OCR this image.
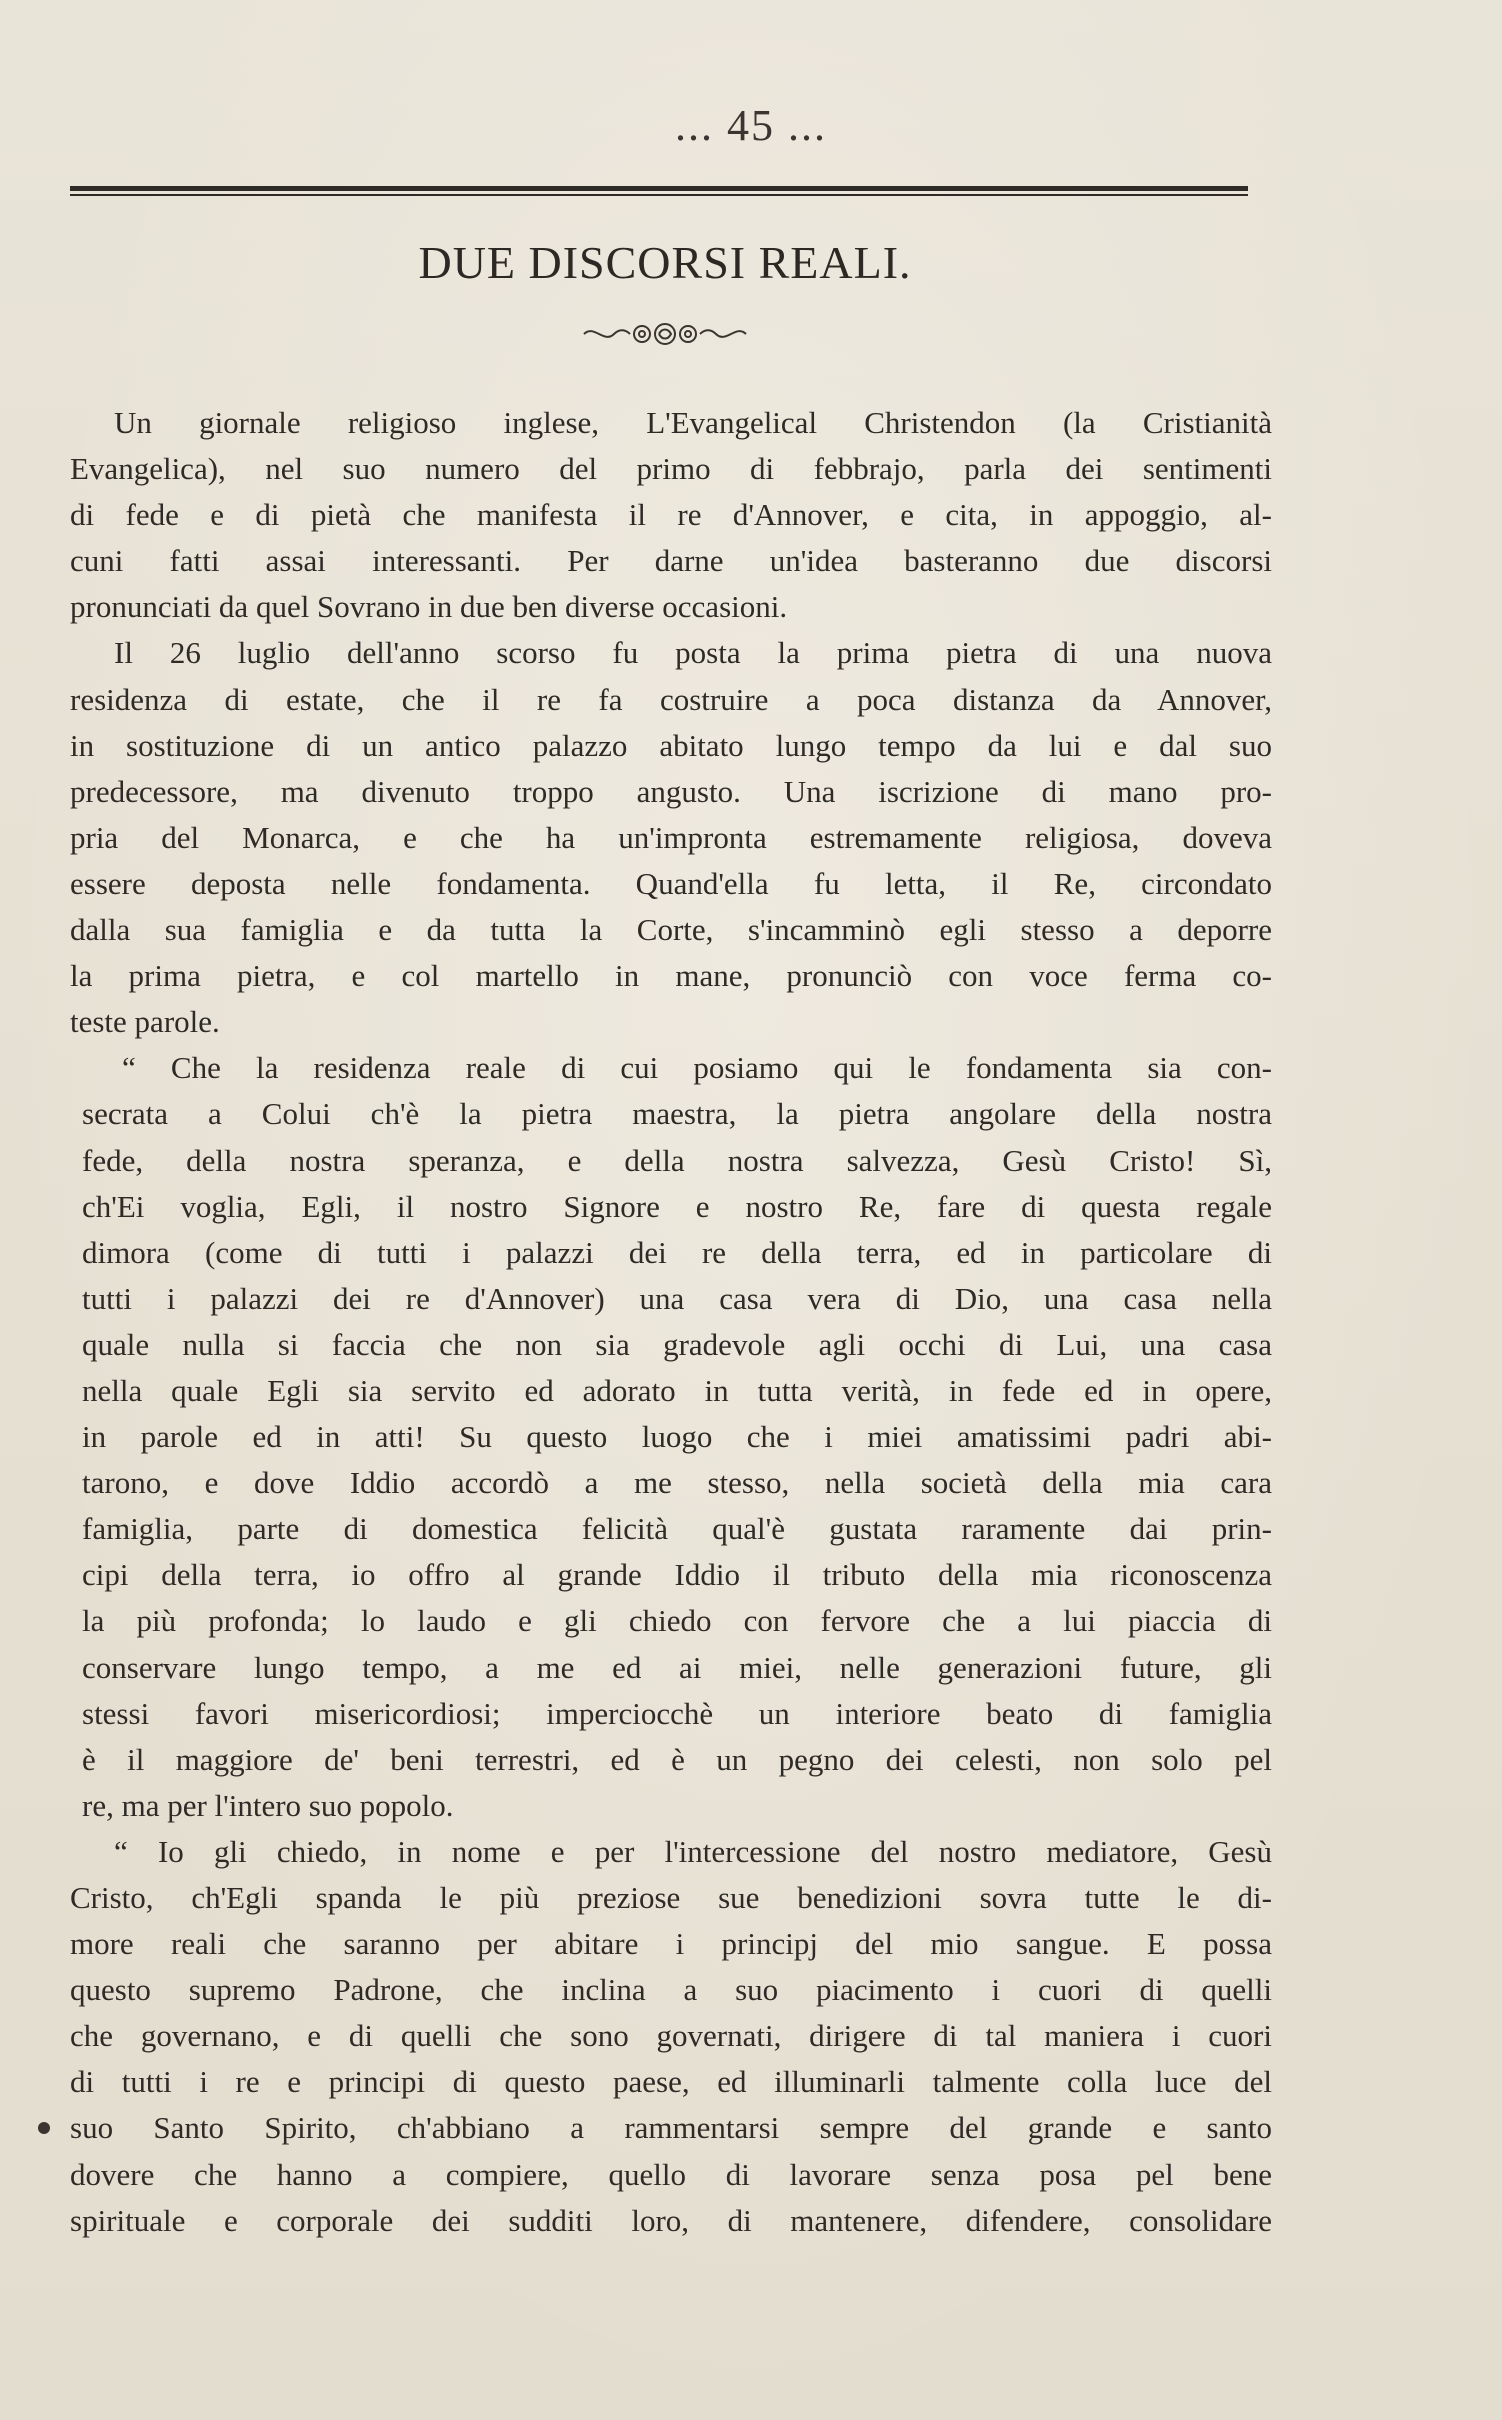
... 45 ...
DUE DISCORSI REALI.
Un giornale religioso inglese, L'Evangelical Christendon (la Cristianità
Evangelica), nel suo numero del primo di febbrajo, parla dei sentimenti
di fede e di pietà che manifesta il re d'Annover, e cita, in appoggio, al-
cuni fatti assai interessanti. Per darne un'idea basteranno due discorsi
pronunciati da quel Sovrano in due ben diverse occasioni.
Il 26 luglio dell'anno scorso fu posta la prima pietra di una nuova
residenza di estate, che il re fa costruire a poca distanza da Annover,
in sostituzione di un antico palazzo abitato lungo tempo da lui e dal suo
predecessore, ma divenuto troppo angusto. Una iscrizione di mano pro-
pria del Monarca, e che ha un'impronta estremamente religiosa, doveva
essere deposta nelle fondamenta. Quand'ella fu letta, il Re, circondato
dalla sua famiglia e da tutta la Corte, s'incamminò egli stesso a deporre
la prima pietra, e col martello in mane, pronunciò con voce ferma co-
teste parole.
“ Che la residenza reale di cui posiamo qui le fondamenta sia con-
secrata a Colui ch'è la pietra maestra, la pietra angolare della nostra
fede, della nostra speranza, e della nostra salvezza, Gesù Cristo! Sì,
ch'Ei voglia, Egli, il nostro Signore e nostro Re, fare di questa regale
dimora (come di tutti i palazzi dei re della terra, ed in particolare di
tutti i palazzi dei re d'Annover) una casa vera di Dio, una casa nella
quale nulla si faccia che non sia gradevole agli occhi di Lui, una casa
nella quale Egli sia servito ed adorato in tutta verità, in fede ed in opere,
in parole ed in atti! Su questo luogo che i miei amatissimi padri abi-
tarono, e dove Iddio accordò a me stesso, nella società della mia cara
famiglia, parte di domestica felicità qual'è gustata raramente dai prin-
cipi della terra, io offro al grande Iddio il tributo della mia riconoscenza
la più profonda; lo laudo e gli chiedo con fervore che a lui piaccia di
conservare lungo tempo, a me ed ai miei, nelle generazioni future, gli
stessi favori misericordiosi; imperciocchè un interiore beato di famiglia
è il maggiore de' beni terrestri, ed è un pegno dei celesti, non solo pel
re, ma per l'intero suo popolo.
“ Io gli chiedo, in nome e per l'intercessione del nostro mediatore, Gesù
Cristo, ch'Egli spanda le più preziose sue benedizioni sovra tutte le di-
more reali che saranno per abitare i principj del mio sangue. E possa
questo supremo Padrone, che inclina a suo piacimento i cuori di quelli
che governano, e di quelli che sono governati, dirigere di tal maniera i cuori
di tutti i re e principi di questo paese, ed illuminarli talmente colla luce del
suo Santo Spirito, ch'abbiano a rammentarsi sempre del grande e santo
dovere che hanno a compiere, quello di lavorare senza posa pel bene
spirituale e corporale dei sudditi loro, di mantenere, difendere, consolidare
